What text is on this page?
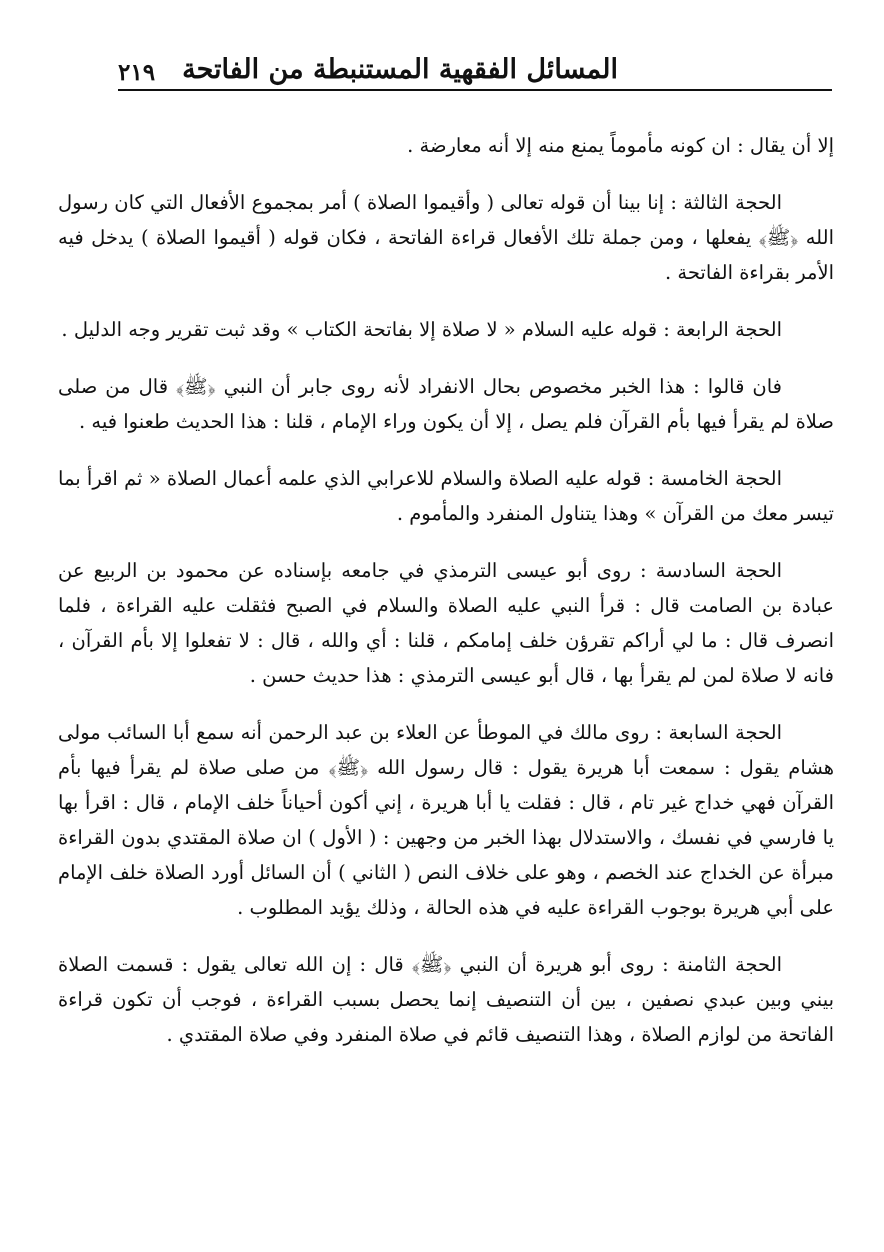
المسائل الفقهية المستنبطة من الفاتحة
٢١٩

إلا أن يقال : ان كونه مأموماً يمنع منه إلا أنه معارضة .

الحجة الثالثة : إنا بينا أن قوله تعالى ( وأقيموا الصلاة ) أمر بمجموع الأفعال التي كان رسول الله ﴿ﷺ﴾ يفعلها ، ومن جملة تلك الأفعال قراءة الفاتحة ، فكان قوله ( أقيموا الصلاة ) يدخل فيه الأمر بقراءة الفاتحة .

الحجة الرابعة : قوله عليه السلام « لا صلاة إلا بفاتحة الكتاب » وقد ثبت تقرير وجه الدليل .

فان قالوا : هذا الخبر مخصوص بحال الانفراد لأنه روى جابر أن النبي ﴿ﷺ﴾ قال من صلى صلاة لم يقرأ فيها بأم القرآن فلم يصل ، إلا أن يكون وراء الإمام ، قلنا : هذا الحديث طعنوا فيه .

الحجة الخامسة : قوله عليه الصلاة والسلام للاعرابي الذي علمه أعمال الصلاة « ثم اقرأ بما تيسر معك من القرآن » وهذا يتناول المنفرد والمأموم .

الحجة السادسة : روى أبو عيسى الترمذي في جامعه بإسناده عن محمود بن الربيع عن عبادة بن الصامت قال : قرأ النبي عليه الصلاة والسلام في الصبح فثقلت عليه القراءة ، فلما انصرف قال : ما لي أراكم تقرؤن خلف إمامكم ، قلنا : أي والله ، قال : لا تفعلوا إلا بأم القرآن ، فانه لا صلاة لمن لم يقرأ بها ، قال أبو عيسى الترمذي : هذا حديث حسن .

الحجة السابعة : روى مالك في الموطأ عن العلاء بن عبد الرحمن أنه سمع أبا السائب مولى هشام يقول : سمعت أبا هريرة يقول : قال رسول الله ﴿ﷺ﴾ من صلى صلاة لم يقرأ فيها بأم القرآن فهي خداج غير تام ، قال : فقلت يا أبا هريرة ، إني أكون أحياناً خلف الإمام ، قال : اقرأ بها يا فارسي في نفسك ، والاستدلال بهذا الخبر من وجهين : ( الأول ) ان صلاة المقتدي بدون القراءة مبرأة عن الخداج عند الخصم ، وهو على خلاف النص ( الثاني ) أن السائل أورد الصلاة خلف الإمام على أبي هريرة بوجوب القراءة عليه في هذه الحالة ، وذلك يؤيد المطلوب .

الحجة الثامنة : روى أبو هريرة أن النبي ﴿ﷺ﴾ قال : إن الله تعالى يقول : قسمت الصلاة بيني وبين عبدي نصفين ، بين أن التنصيف إنما يحصل بسبب القراءة ، فوجب أن تكون قراءة الفاتحة من لوازم الصلاة ، وهذا التنصيف قائم في صلاة المنفرد وفي صلاة المقتدي .
